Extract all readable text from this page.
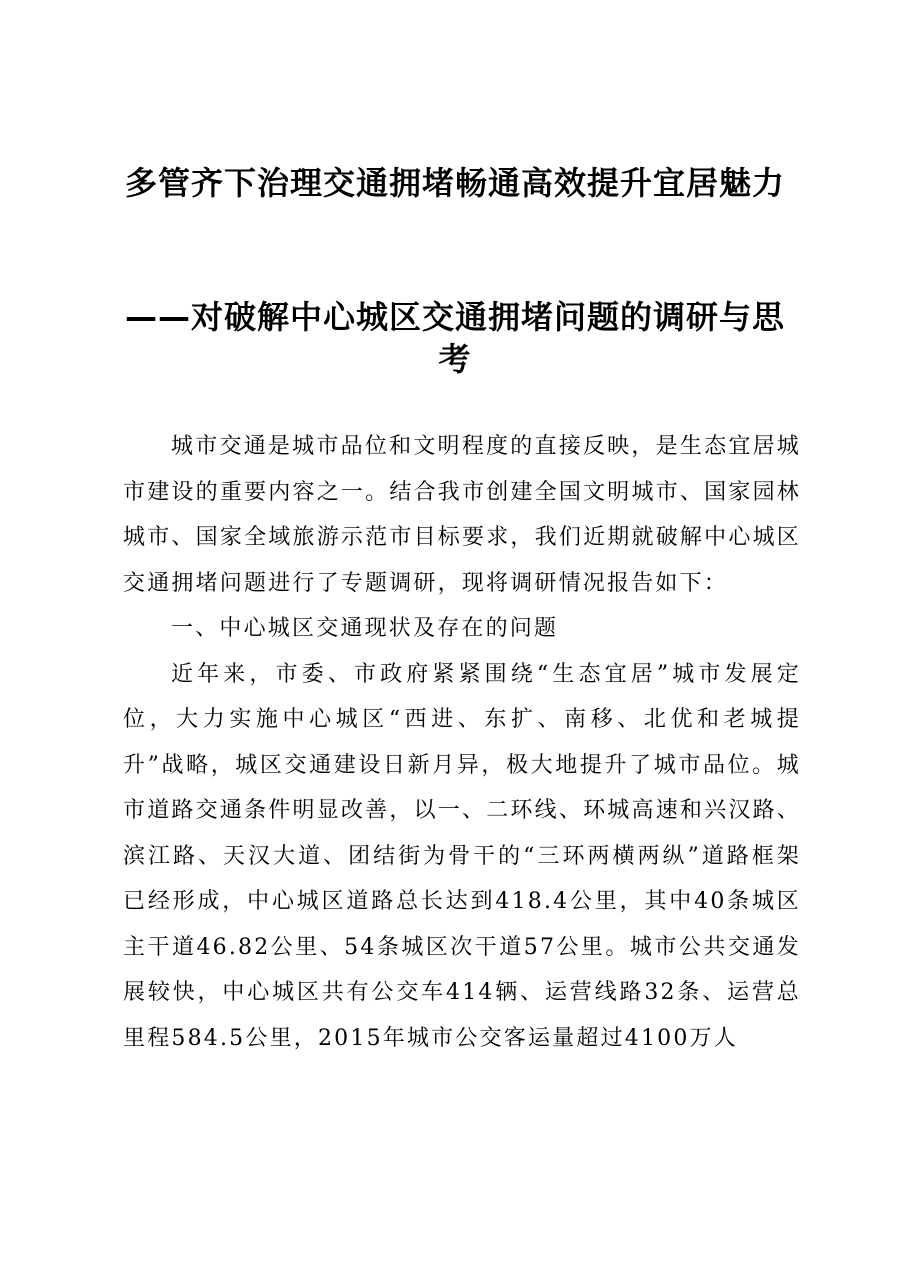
多管齐下治理交通拥堵畅通高效提升宜居魅力
——对破解中心城区交通拥堵问题的调研与思考

城市交通是城市品位和文明程度的直接反映，是生态宜居城市建设的重要内容之一。结合我市创建全国文明城市、国家园林城市、国家全域旅游示范市目标要求，我们近期就破解中心城区交通拥堵问题进行了专题调研，现将调研情况报告如下：

一、中心城区交通现状及存在的问题

近年来，市委、市政府紧紧围绕“生态宜居”城市发展定位，大力实施中心城区“西进、东扩、南移、北优和老城提升”战略，城区交通建设日新月异，极大地提升了城市品位。城市道路交通条件明显改善，以一、二环线、环城高速和兴汉路、滨江路、天汉大道、团结街为骨干的“三环两横两纵”道路框架已经形成，中心城区道路总长达到418.4公里，其中40条城区主干道46.82公里、54条城区次干道57公里。城市公共交通发展较快，中心城区共有公交车414辆、运营线路32条、运营总里程584.5公里，2015年城市公交客运量超过4100万人
